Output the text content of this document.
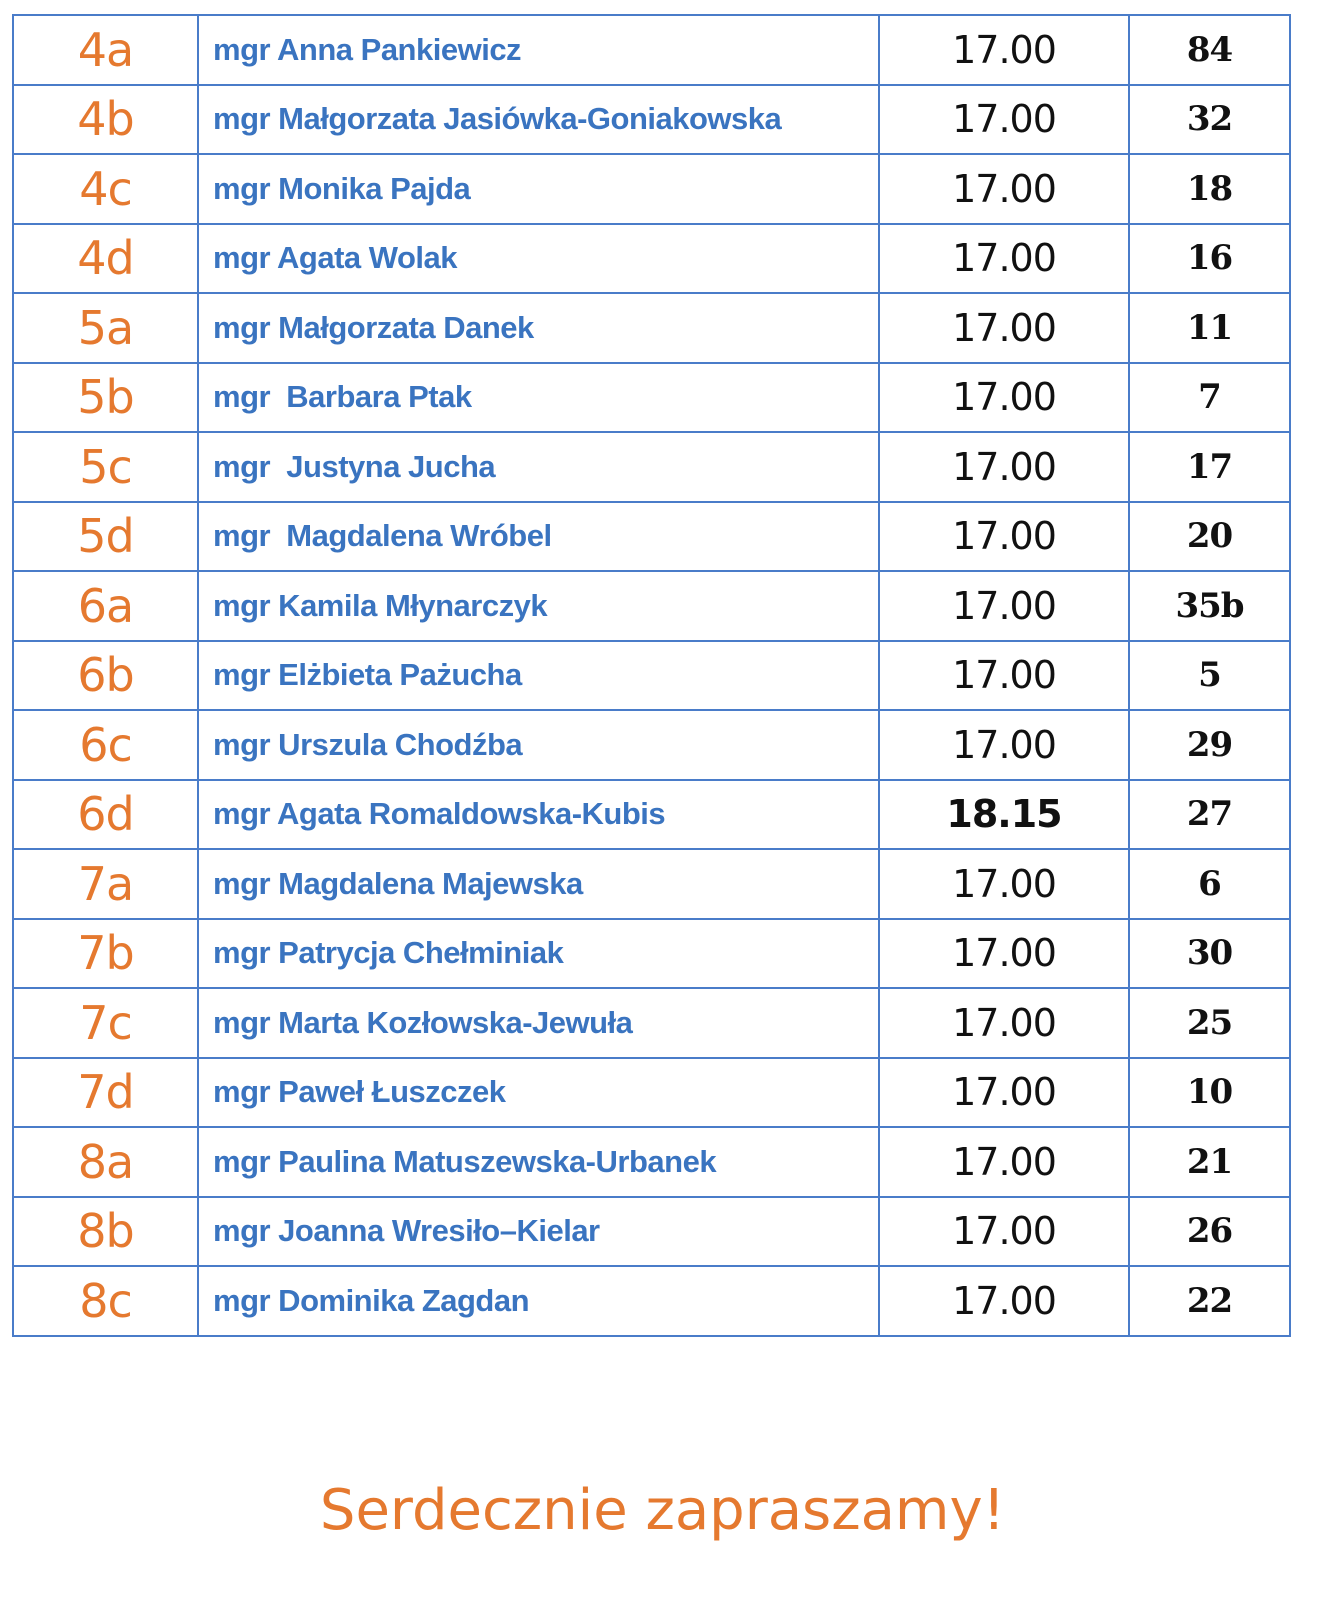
4a	mgr Anna Pankiewicz	17.00	84
4b	mgr Małgorzata Jasiówka-Goniakowska	17.00	32
4c	mgr Monika Pajda	17.00	18
4d	mgr Agata Wolak	17.00	16
5a	mgr Małgorzata Danek	17.00	11
5b	mgr  Barbara Ptak	17.00	7
5c	mgr  Justyna Jucha	17.00	17
5d	mgr  Magdalena Wróbel	17.00	20
6a	mgr Kamila Młynarczyk	17.00	35b
6b	mgr Elżbieta Pażucha	17.00	5
6c	mgr Urszula Chodźba	17.00	29
6d	mgr Agata Romaldowska-Kubis	18.15	27
7a	mgr Magdalena Majewska	17.00	6
7b	mgr Patrycja Chełminiak	17.00	30
7c	mgr Marta Kozłowska-Jewuła	17.00	25
7d	mgr Paweł Łuszczek	17.00	10
8a	mgr Paulina Matuszewska-Urbanek	17.00	21
8b	mgr Joanna Wresiło–Kielar	17.00	26
8c	mgr Dominika Zagdan	17.00	22
Serdecznie zapraszamy!
